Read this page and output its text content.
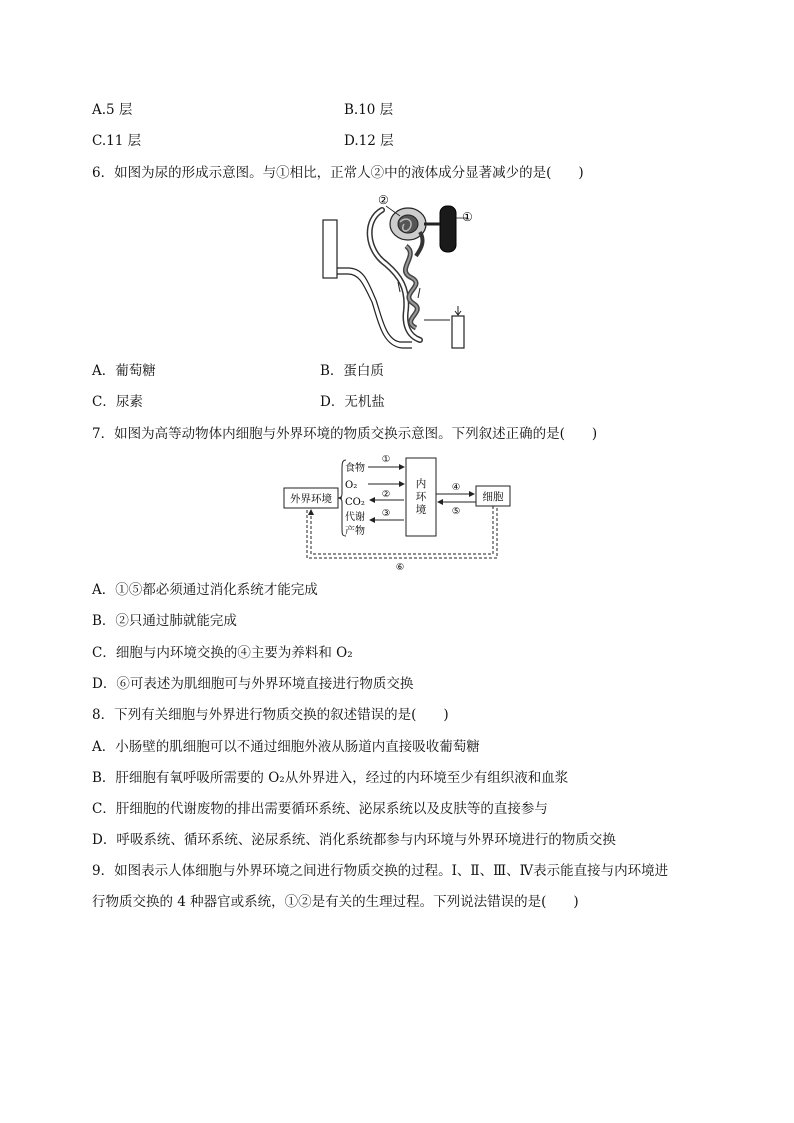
A.5 层	B.10 层
C.11 层	D.12 层
6．如图为尿的形成示意图。与①相比，正常人②中的液体成分显著减少的是(　　)
②
①
A．葡萄糖	B．蛋白质
C．尿素	D．无机盐
7．如图为高等动物体内细胞与外界环境的物质交换示意图。下列叙述正确的是(　　)
外界环境
食物
O₂
CO₂
代谢
产物
①
②
③
内
环
境
④
⑤
细胞
⑥
A．①⑤都必须通过消化系统才能完成
B．②只通过肺就能完成
C．细胞与内环境交换的④主要为养料和 O₂
D．⑥可表述为肌细胞可与外界环境直接进行物质交换
8．下列有关细胞与外界进行物质交换的叙述错误的是(　　)
A．小肠壁的肌细胞可以不通过细胞外液从肠道内直接吸收葡萄糖
B．肝细胞有氧呼吸所需要的 O₂从外界进入，经过的内环境至少有组织液和血浆
C．肝细胞的代谢废物的排出需要循环系统、泌尿系统以及皮肤等的直接参与
D．呼吸系统、循环系统、泌尿系统、消化系统都参与内环境与外界环境进行的物质交换
9．如图表示人体细胞与外界环境之间进行物质交换的过程。Ⅰ、Ⅱ、Ⅲ、Ⅳ表示能直接与内环境进
行物质交换的 4 种器官或系统，①②是有关的生理过程。下列说法错误的是(　　)
